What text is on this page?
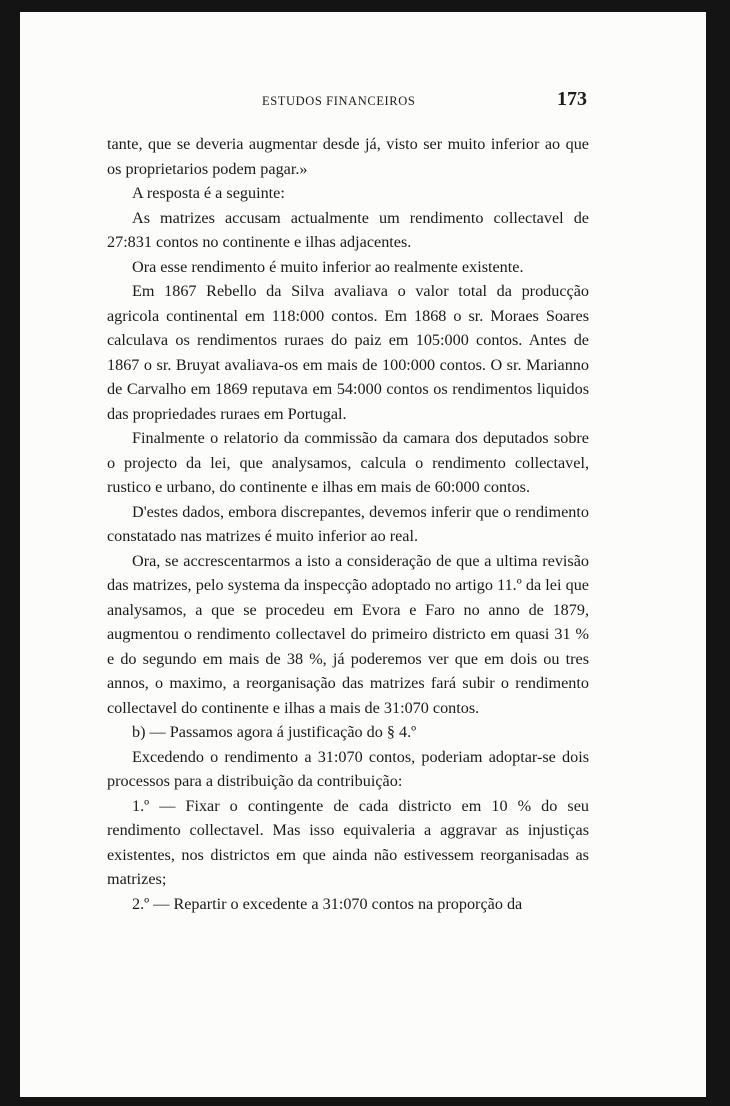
ESTUDOS FINANCEIROS	173

tante, que se deveria augmentar desde já, visto ser muito inferior ao que os proprietarios podem pagar.»

A resposta é a seguinte:

As matrizes accusam actualmente um rendimento collectavel de 27:831 contos no continente e ilhas adjacentes.

Ora esse rendimento é muito inferior ao realmente existente.

Em 1867 Rebello da Silva avaliava o valor total da producção agricola continental em 118:000 contos. Em 1868 o sr. Moraes Soares calculava os rendimentos ruraes do paiz em 105:000 contos. Antes de 1867 o sr. Bruyat avaliava-os em mais de 100:000 contos. O sr. Marianno de Carvalho em 1869 reputava em 54:000 contos os rendimentos liquidos das propriedades ruraes em Portugal.

Finalmente o relatorio da commissão da camara dos deputados sobre o projecto da lei, que analysamos, calcula o rendimento collectavel, rustico e urbano, do continente e ilhas em mais de 60:000 contos.

D'estes dados, embora discrepantes, devemos inferir que o rendimento constatado nas matrizes é muito inferior ao real.

Ora, se accrescentarmos a isto a consideração de que a ultima revisão das matrizes, pelo systema da inspecção adoptado no artigo 11.º da lei que analysamos, a que se procedeu em Evora e Faro no anno de 1879, augmentou o rendimento collectavel do primeiro districto em quasi 31 % e do segundo em mais de 38 %, já poderemos ver que em dois ou tres annos, o maximo, a reorganisação das matrizes fará subir o rendimento collectavel do continente e ilhas a mais de 31:070 contos.

b) — Passamos agora á justificação do § 4.º

Excedendo o rendimento a 31:070 contos, poderiam adoptar-se dois processos para a distribuição da contribuição:

1.º — Fixar o contingente de cada districto em 10 % do seu rendimento collectavel. Mas isso equivaleria a aggravar as injustiças existentes, nos districtos em que ainda não estivessem reorganisadas as matrizes;

2.º — Repartir o excedente a 31:070 contos na proporção da
